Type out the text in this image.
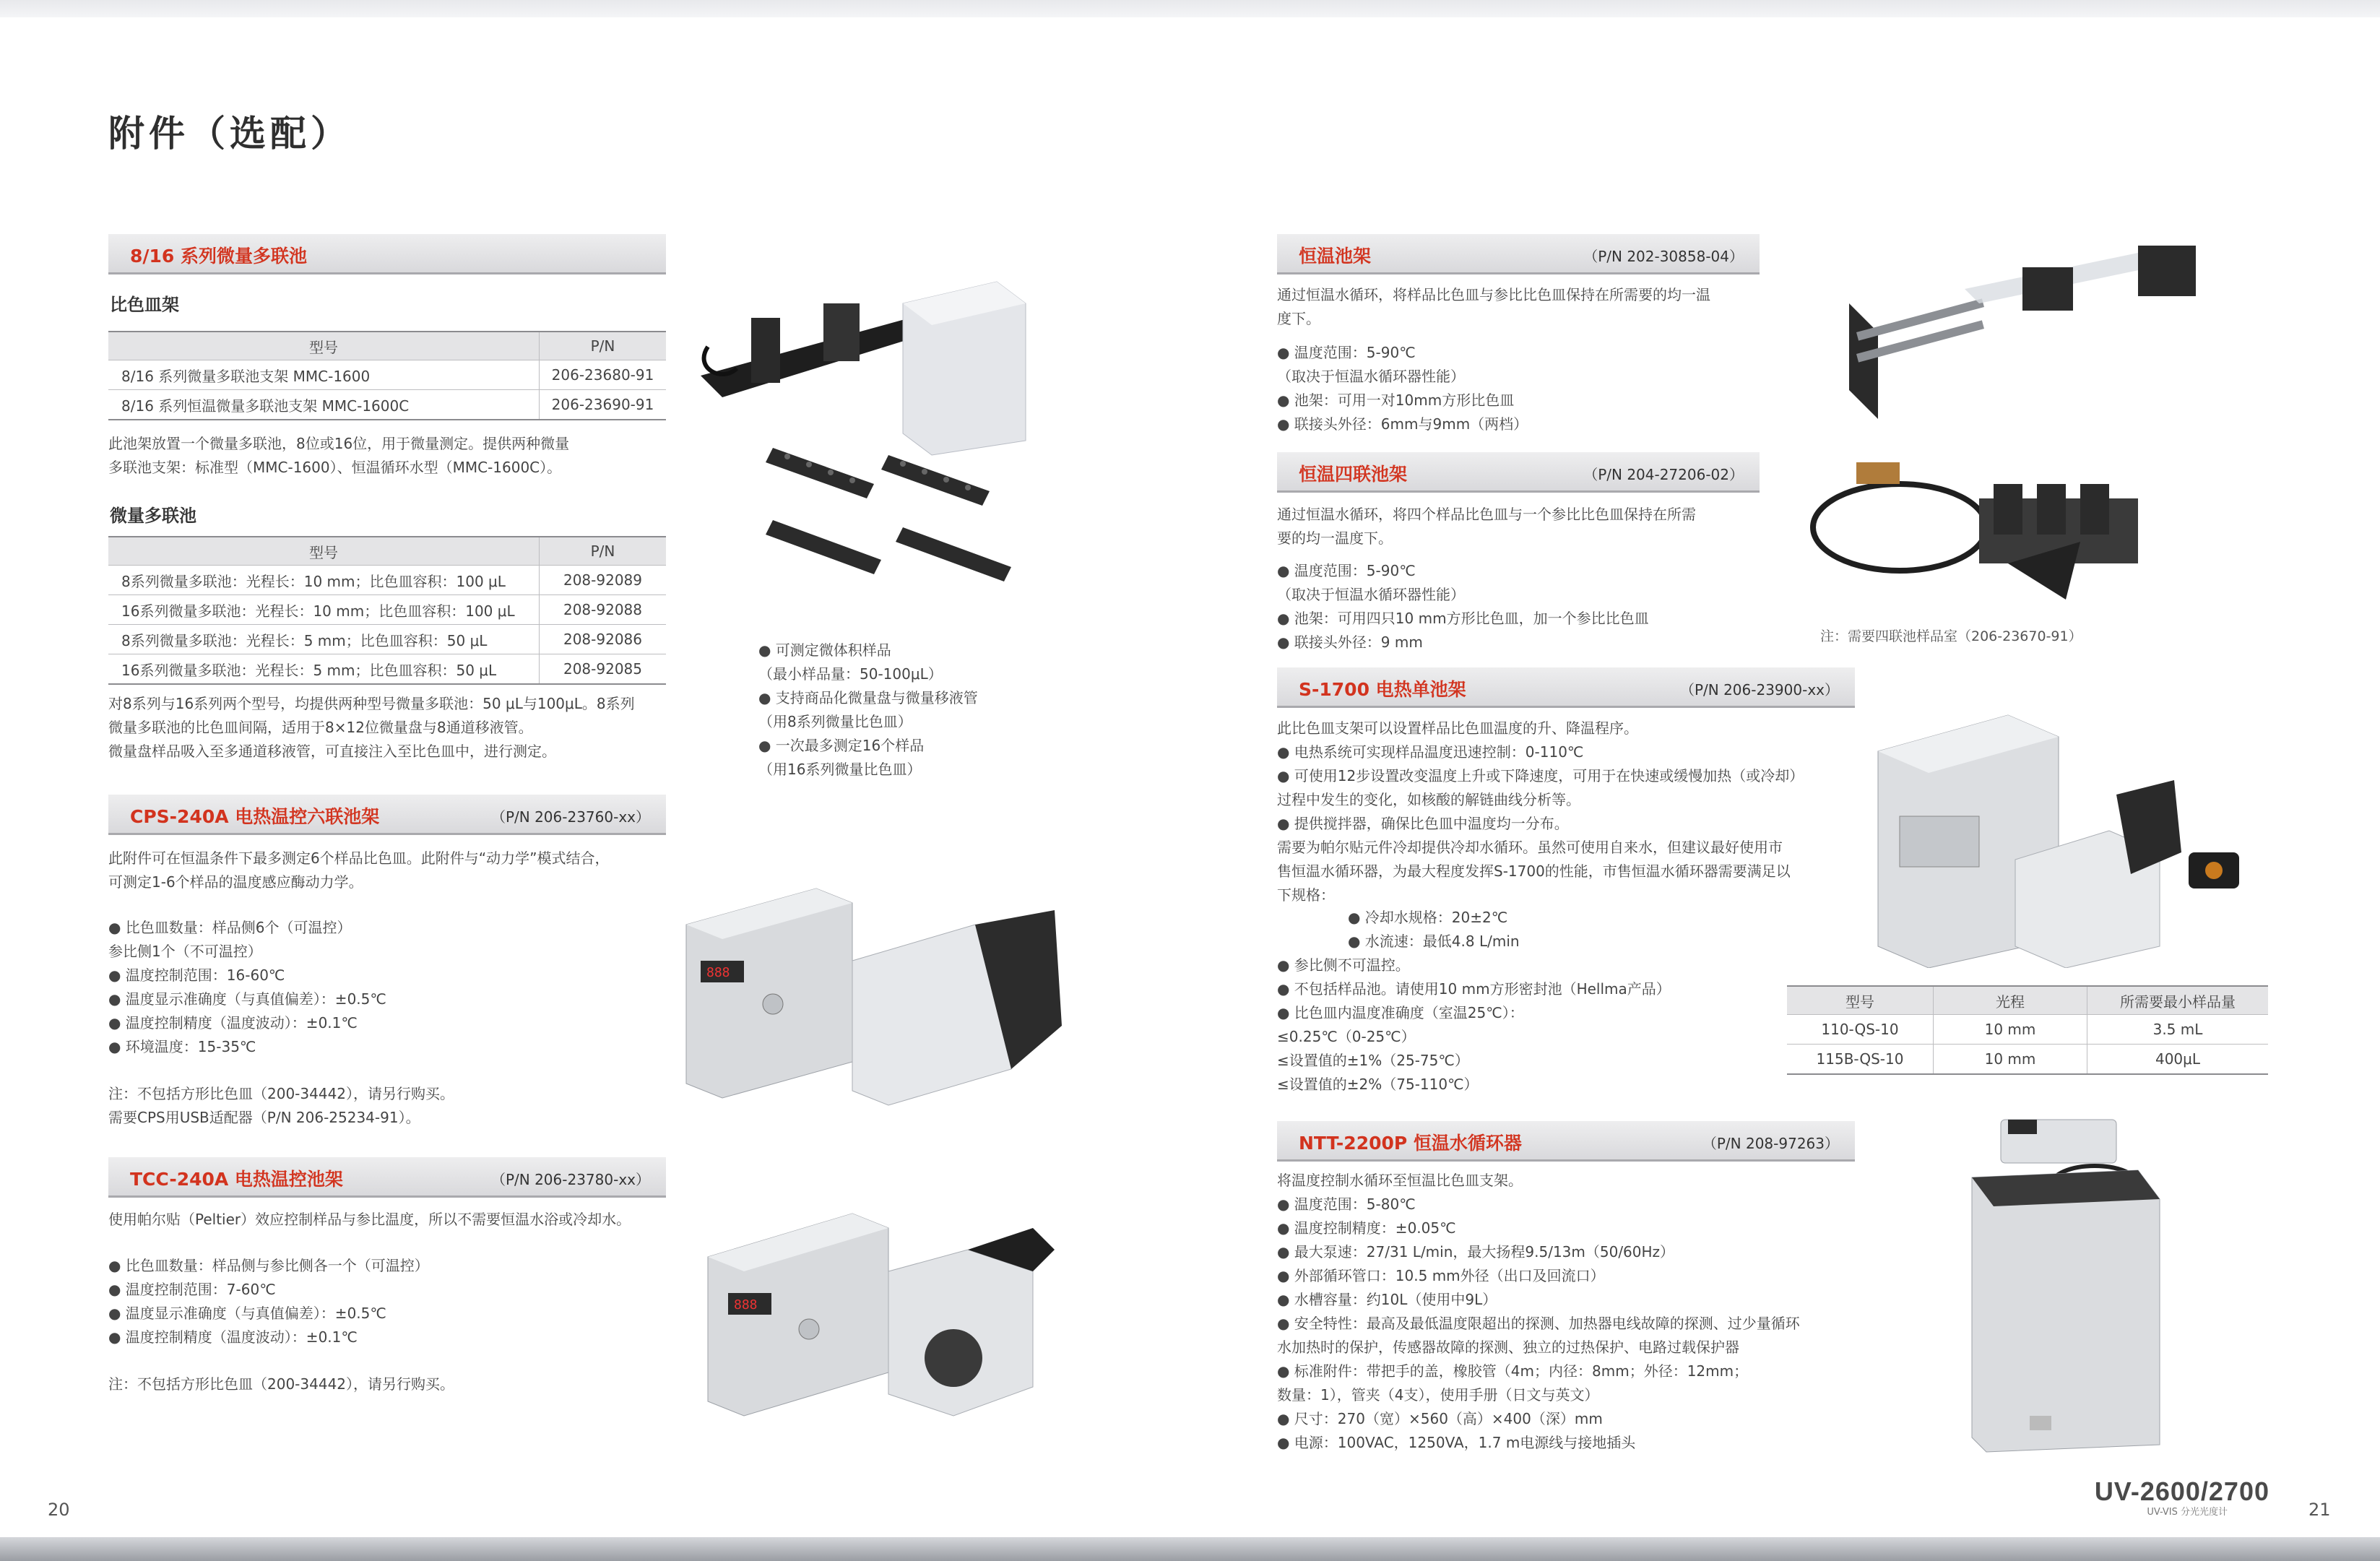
附件（选配）
8/16 系列微量多联池
比色皿架
型号	P/N
8/16 系列微量多联池支架 MMC-1600	206-23680-91
8/16 系列恒温微量多联池支架 MMC-1600C	206-23690-91

此池架放置一个微量多联池，8位或16位，用于微量测定。提供两种微量

多联池支架：标准型（MMC-1600）、恒温循环水型（MMC-1600C）。

微量多联池
型号	P/N
8系列微量多联池：光程长：10 mm；比色皿容积：100 μL	208-92089
16系列微量多联池：光程长：10 mm；比色皿容积：100 μL	208-92088
8系列微量多联池：光程长：5 mm；比色皿容积：50 μL	208-92086
16系列微量多联池：光程长：5 mm；比色皿容积：50 μL	208-92085

对8系列与16系列两个型号，均提供两种型号微量多联池：50 μL与100μL。8系列

微量多联池的比色皿间隔，适用于8×12位微量盘与8通道移液管。

微量盘样品吸入至多通道移液管，可直接注入至比色皿中，进行测定。

● 可测定微体积样品

（最小样品量：50-100μL）

● 支持商品化微量盘与微量移液管

（用8系列微量比色皿）

● 一次最多测定16个样品

（用16系列微量比色皿）

CPS-240A 电热温控六联池架	（P/N 206-23760-xx）

此附件可在恒温条件下最多测定6个样品比色皿。此附件与“动力学”模式结合，

可测定1-6个样品的温度感应酶动力学。

● 比色皿数量：样品侧6个（可温控）

参比侧1个（不可温控）

● 温度控制范围：16-60℃

● 温度显示准确度（与真值偏差）：±0.5℃

● 温度控制精度（温度波动）：±0.1℃

● 环境温度：15-35℃

注：不包括方形比色皿（200-34442），请另行购买。

需要CPS用USB适配器（P/N 206-25234-91）。

888
TCC-240A 电热温控池架	（P/N 206-23780-xx）

使用帕尔贴（Peltier）效应控制样品与参比温度，所以不需要恒温水浴或冷却水。

● 比色皿数量：样品侧与参比侧各一个（可温控）

● 温度控制范围：7-60℃

● 温度显示准确度（与真值偏差）：±0.5℃

● 温度控制精度（温度波动）：±0.1℃

注：不包括方形比色皿（200-34442），请另行购买。

888
20
恒温池架	（P/N 202-30858-04）

通过恒温水循环，将样品比色皿与参比比色皿保持在所需要的均一温

度下。

● 温度范围：5-90℃

（取决于恒温水循环器性能）

● 池架：可用一对10mm方形比色皿

● 联接头外径：6mm与9mm（两档）

恒温四联池架	（P/N 204-27206-02）

通过恒温水循环，将四个样品比色皿与一个参比比色皿保持在所需

要的均一温度下。

● 温度范围：5-90℃

（取决于恒温水循环器性能）

● 池架：可用四只10 mm方形比色皿，加一个参比比色皿

● 联接头外径：9 mm	注：需要四联池样品室（206-23670-91）
S-1700 电热单池架	（P/N 206-23900-xx）

此比色皿支架可以设置样品比色皿温度的升、降温程序。

● 电热系统可实现样品温度迅速控制：0-110℃

● 可使用12步设置改变温度上升或下降速度，可用于在快速或缓慢加热（或冷却）

过程中发生的变化，如核酸的解链曲线分析等。

● 提供搅拌器，确保比色皿中温度均一分布。

需要为帕尔贴元件冷却提供冷却水循环。虽然可使用自来水，但建议最好使用市

售恒温水循环器，为最大程度发挥S-1700的性能，市售恒温水循环器需要满足以

下规格：

● 冷却水规格：20±2℃

● 水流速：最低4.8 L/min

● 参比侧不可温控。

● 不包括样品池。请使用10 mm方形密封池（Hellma产品）

● 比色皿内温度准确度（室温25℃）：

≤0.25℃（0-25℃）

≤设置值的±1%（25-75℃）

≤设置值的±2%（75-110℃）

型号	光程	所需要最小样品量
110-QS-10	10 mm	3.5 mL
115B-QS-10	10 mm	400μL
NTT-2200P 恒温水循环器	（P/N 208-97263）

将温度控制水循环至恒温比色皿支架。

● 温度范围：5-80℃

● 温度控制精度：±0.05℃

● 最大泵速：27/31 L/min，最大扬程9.5/13m（50/60Hz）

● 外部循环管口：10.5 mm外径（出口及回流口）

● 水槽容量：约10L（使用中9L）

● 安全特性：最高及最低温度限超出的探测、加热器电线故障的探测、过少量循环

水加热时的保护，传感器故障的探测、独立的过热保护、电路过载保护器

● 标准附件：带把手的盖，橡胶管（4m；内径：8mm；外径：12mm；

数量：1），管夹（4支），使用手册（日文与英文）

● 尺寸：270（宽）×560（高）×400（深）mm

● 电源：100VAC，1250VA，1.7 m电源线与接地插头

UV-2600/2700
UV-VIS 分光光度计	21
